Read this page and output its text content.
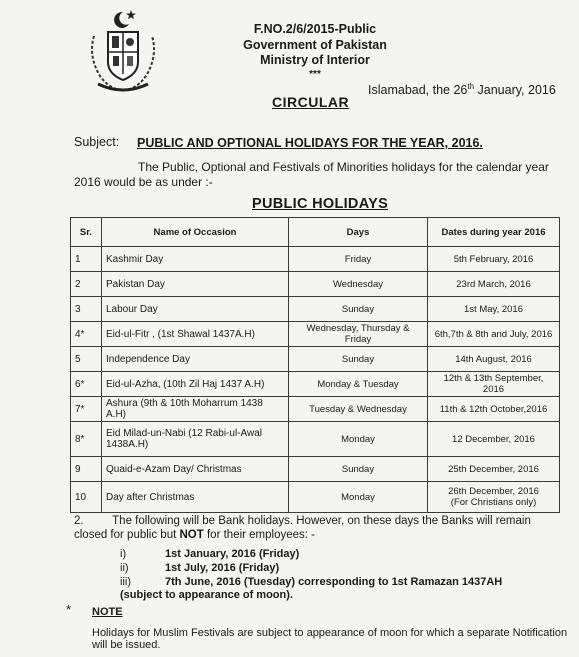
F.NO.2/6/2015-Public
Government of Pakistan
Ministry of Interior
***
Islamabad, the 26th January, 2016
CIRCULAR
Subject: PUBLIC AND OPTIONAL HOLIDAYS FOR THE YEAR, 2016.
The Public, Optional and Festivals of Minorities holidays for the calendar year 2016 would be as under :-
PUBLIC HOLIDAYS
Sr.	Name of Occasion	Days	Dates during year 2016
1	Kashmir Day	Friday	5th February, 2016
2	Pakistan Day	Wednesday	23rd March, 2016
3	Labour Day	Sunday	1st May, 2016
4*	Eid-ul-Fitr , (1st Shawal 1437A.H)	Wednesday, Thursday & Friday	6th,7th & 8th and July, 2016
5	Independence Day	Sunday	14th August, 2016
6*	Eid-ul-Azha, (10th Zil Haj 1437 A.H)	Monday & Tuesday	12th & 13th September, 2016
7*	Ashura (9th & 10th Moharrum 1438 A.H)	Tuesday & Wednesday	11th & 12th October,2016
8*	Eid Milad-un-Nabi (12 Rabi-ul-Awal 1438A.H)	Monday	12 December, 2016
9	Quaid-e-Azam Day/ Christmas	Sunday	25th December, 2016
10	Day after Christmas	Monday	26th December, 2016
(For Christians only)
2. The following will be Bank holidays. However, on these days the Banks will remain closed for public but NOT for their employees: -
i)	1st January, 2016 (Friday)
ii)	1st July, 2016 (Friday)
iii)	7th June, 2016 (Tuesday) corresponding to 1st Ramazan 1437AH
(subject to appearance of moon).
* NOTE
Holidays for Muslim Festivals are subject to appearance of moon for which a separate Notification will be issued.
